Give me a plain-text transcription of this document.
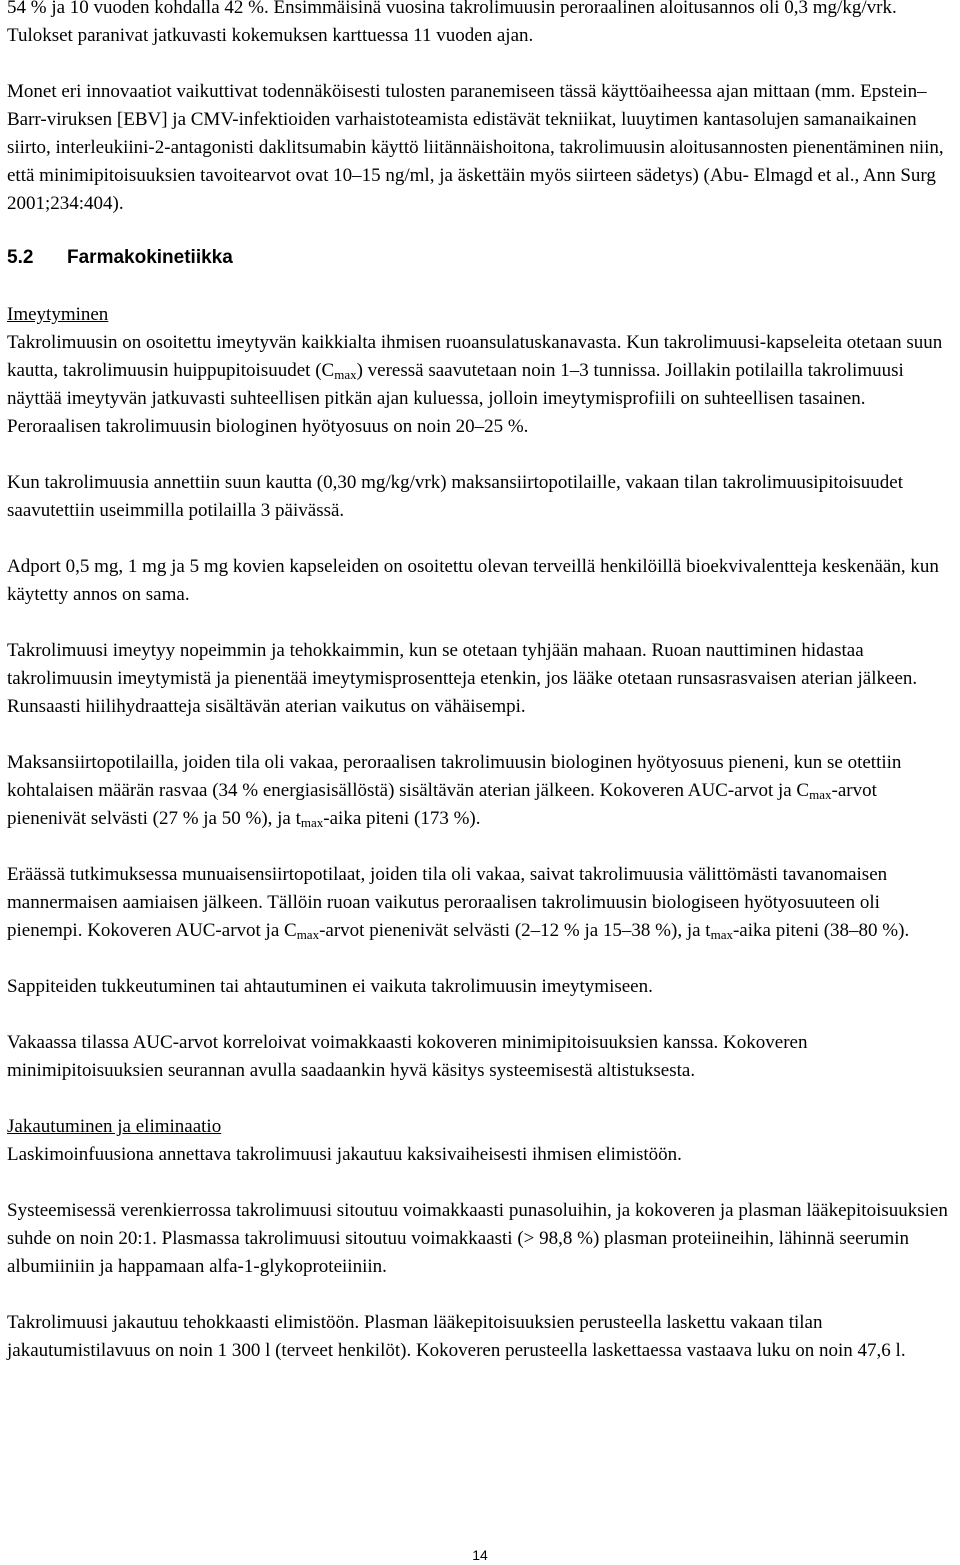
54 % ja 10 vuoden kohdalla 42 %. Ensimmäisinä vuosina takrolimuusin peroraalinen aloitusannos oli 0,3 mg/kg/vrk. Tulokset paranivat jatkuvasti kokemuksen karttuessa 11 vuoden ajan.

Monet eri innovaatiot vaikuttivat todennäköisesti tulosten paranemiseen tässä käyttöaiheessa ajan mittaan (mm. Epstein–Barr-viruksen [EBV] ja CMV-infektioiden varhaistoteamista edistävät tekniikat, luuytimen kantasolujen samanaikainen siirto, interleukiini-2-antagonisti daklitsumabin käyttö liitännäishoitona, takrolimuusin aloitusannosten pienentäminen niin, että minimipitoisuuksien tavoitearvot ovat 10–15 ng/ml, ja äskettäin myös siirteen sädetys) (Abu- Elmagd et al., Ann Surg 2001;234:404).

5.2 Farmakokinetiikka

Imeytyminen
Takrolimuusin on osoitettu imeytyvän kaikkialta ihmisen ruoansulatuskanavasta. Kun takrolimuusi-kapseleita otetaan suun kautta, takrolimuusin huippupitoisuudet $(C_{max})$ veressä saavutetaan noin 1–3 tunnissa. Joillakin potilailla takrolimuusi näyttää imeytyvän jatkuvasti suhteellisen pitkän ajan kuluessa, jolloin imeytymisprofiili on suhteellisen tasainen. Peroraalisen takrolimuusin biologinen hyötyosuus on noin 20–25 %.

Kun takrolimuusia annettiin suun kautta (0,30 mg/kg/vrk) maksansiirtopotilaille, vakaan tilan takrolimuusipitoisuudet saavutettiin useimmilla potilailla 3 päivässä.

Adport 0,5 mg, 1 mg ja 5 mg kovien kapseleiden on osoitettu olevan terveillä henkilöillä bioekvivalentteja keskenään, kun käytetty annos on sama.

Takrolimuusi imeytyy nopeimmin ja tehokkaimmin, kun se otetaan tyhjään mahaan. Ruoan nauttiminen hidastaa takrolimuusin imeytymistä ja pienentää imeytymisprosentteja etenkin, jos lääke otetaan runsasrasvaisen aterian jälkeen. Runsaasti hiilihydraatteja sisältävän aterian vaikutus on vähäisempi.

Maksansiirtopotilailla, joiden tila oli vakaa, peroraalisen takrolimuusin biologinen hyötyosuus pieneni, kun se otettiin kohtalaisen määrän rasvaa (34 % energiasisällöstä) sisältävän aterian jälkeen. Kokoveren AUC-arvot ja $C_{max}$-arvot pienenivät selvästi (27 % ja 50 %), ja $t_{max}$-aika piteni (173 %).

Eräässä tutkimuksessa munuaisensiirtopotilaat, joiden tila oli vakaa, saivat takrolimuusia välittömästi tavanomaisen mannermaisen aamiaisen jälkeen. Tällöin ruoan vaikutus peroraalisen takrolimuusin biologiseen hyötyosuuteen oli pienempi. Kokoveren AUC-arvot ja $C_{max}$-arvot pienenivät selvästi (2–12 % ja 15–38 %), ja $t_{max}$-aika piteni (38–80 %).

Sappiteiden tukkeutuminen tai ahtautuminen ei vaikuta takrolimuusin imeytymiseen.

Vakaassa tilassa AUC-arvot korreloivat voimakkaasti kokoveren minimipitoisuuksien kanssa. Kokoveren minimipitoisuuksien seurannan avulla saadaankin hyvä käsitys systeemisestä altistuksesta.

Jakautuminen ja eliminaatio
Laskimoinfuusiona annettava takrolimuusi jakautuu kaksivaiheisesti ihmisen elimistöön.

Systeemisessä verenkierrossa takrolimuusi sitoutuu voimakkaasti punasoluihin, ja kokoveren ja plasman lääkepitoisuuksien suhde on noin 20:1. Plasmassa takrolimuusi sitoutuu voimakkaasti (> 98,8 %) plasman proteiineihin, lähinnä seerumin albumiiniin ja happamaan alfa-1-glykoproteiiniin.

Takrolimuusi jakautuu tehokkaasti elimistöön. Plasman lääkepitoisuuksien perusteella laskettu vakaan tilan jakautumistilavuus on noin 1 300 l (terveet henkilöt). Kokoveren perusteella laskettaessa vastaava luku on noin 47,6 l.

14
